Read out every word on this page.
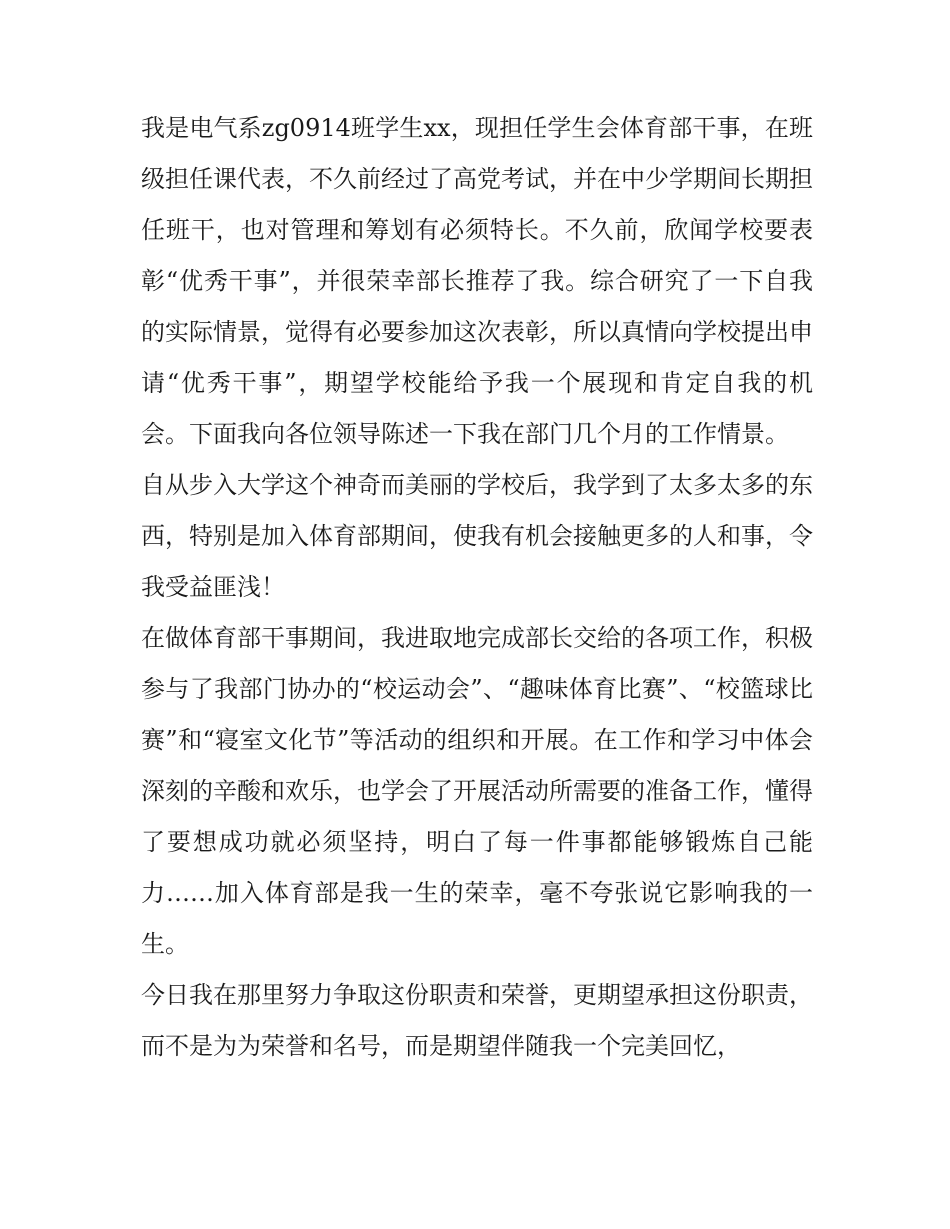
我是电气系zg0914班学生xx，现担任学生会体育部干事，在班级担任课代表，不久前经过了高党考试，并在中少学期间长期担任班干，也对管理和筹划有必须特长。不久前，欣闻学校要表彰“优秀干事”，并很荣幸部长推荐了我。综合研究了一下自我的实际情景，觉得有必要参加这次表彰，所以真情向学校提出申请“优秀干事”，期望学校能给予我一个展现和肯定自我的机会。下面我向各位领导陈述一下我在部门几个月的工作情景。

自从步入大学这个神奇而美丽的学校后，我学到了太多太多的东西，特别是加入体育部期间，使我有机会接触更多的人和事，令我受益匪浅！

在做体育部干事期间，我进取地完成部长交给的各项工作，积极参与了我部门协办的“校运动会”、“趣味体育比赛”、“校篮球比赛”和“寝室文化节”等活动的组织和开展。在工作和学习中体会深刻的辛酸和欢乐，也学会了开展活动所需要的准备工作，懂得了要想成功就必须坚持，明白了每一件事都能够锻炼自己能力……加入体育部是我一生的荣幸，毫不夸张说它影响我的一生。

今日我在那里努力争取这份职责和荣誉，更期望承担这份职责，而不是为为荣誉和名号，而是期望伴随我一个完美回忆，
